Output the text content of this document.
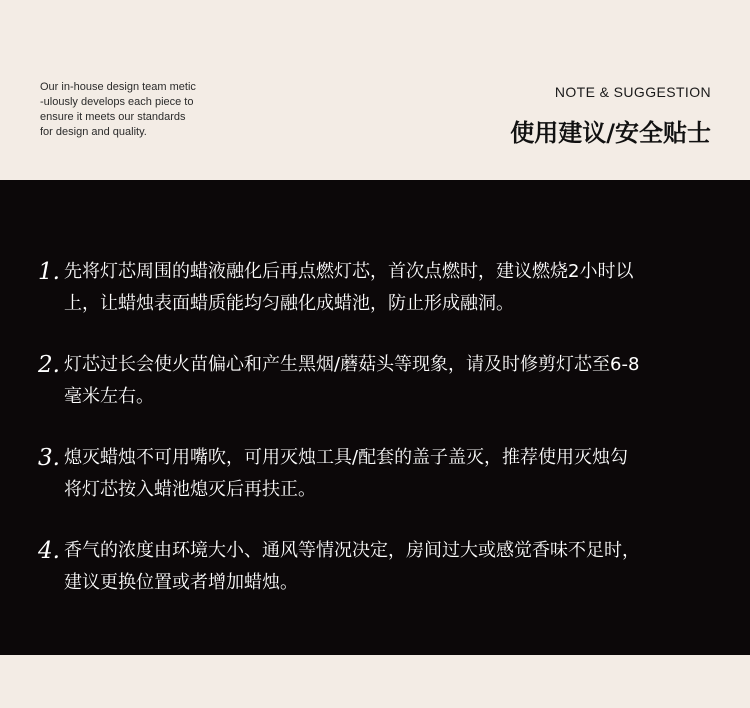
Our in-house design team metic
-ulously develops each piece to
ensure it meets our standards
for design and quality.

NOTE & SUGGESTION

使用建议/安全贴士
1. 先将灯芯周围的蜡液融化后再点燃灯芯，首次点燃时，建议燃烧2小时以
上，让蜡烛表面蜡质能均匀融化成蜡池，防止形成融洞。
2. 灯芯过长会使火苗偏心和产生黑烟/蘑菇头等现象，请及时修剪灯芯至6-8
毫米左右。
3. 熄灭蜡烛不可用嘴吹，可用灭烛工具/配套的盖子盖灭，推荐使用灭烛勾
将灯芯按入蜡池熄灭后再扶正。
4. 香气的浓度由环境大小、通风等情况决定，房间过大或感觉香味不足时，
建议更换位置或者增加蜡烛。
